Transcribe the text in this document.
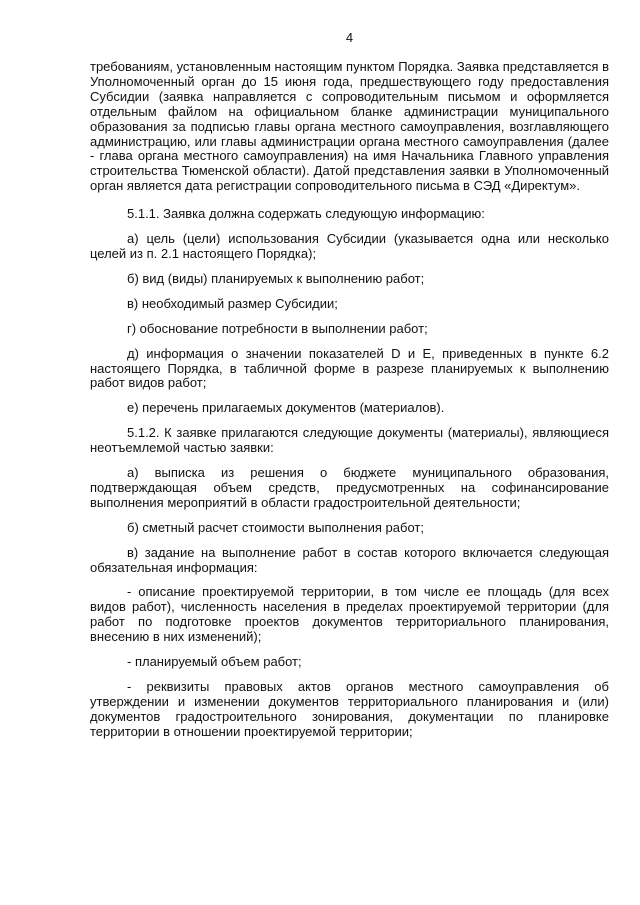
4

требованиям, установленным настоящим пунктом Порядка. Заявка представляется в Уполномоченный орган до 15 июня года, предшествующего году предоставления Субсидии (заявка направляется с сопроводительным письмом и оформляется отдельным файлом на официальном бланке администрации муниципального образования за подписью главы органа местного самоуправления, возглавляющего администрацию, или главы администрации органа местного самоуправления (далее - глава органа местного самоуправления) на имя Начальника Главного управления строительства Тюменской области). Датой представления заявки в Уполномоченный орган является дата регистрации сопроводительного письма в СЭД «Директум».

5.1.1. Заявка должна содержать следующую информацию:

а) цель (цели) использования Субсидии (указывается одна или несколько целей из п. 2.1 настоящего Порядка);

б) вид (виды) планируемых к выполнению работ;

в) необходимый размер Субсидии;

г) обоснование потребности в выполнении работ;

д) информация о значении показателей D и E, приведенных в пункте 6.2 настоящего Порядка, в табличной форме в разрезе планируемых к выполнению работ видов работ;

е) перечень прилагаемых документов (материалов).

5.1.2. К заявке прилагаются следующие документы (материалы), являющиеся неотъемлемой частью заявки:

а) выписка из решения о бюджете муниципального образования, подтверждающая объем средств, предусмотренных на софинансирование выполнения мероприятий в области градостроительной деятельности;

б) сметный расчет стоимости выполнения работ;

в) задание на выполнение работ в состав которого включается следующая обязательная информация:

- описание проектируемой территории, в том числе ее площадь (для всех видов работ), численность населения в пределах проектируемой территории (для работ по подготовке проектов документов территориального планирования, внесению в них изменений);

- планируемый объем работ;

- реквизиты правовых актов органов местного самоуправления об утверждении и изменении документов территориального планирования и (или) документов градостроительного зонирования, документации по планировке территории в отношении проектируемой территории;
